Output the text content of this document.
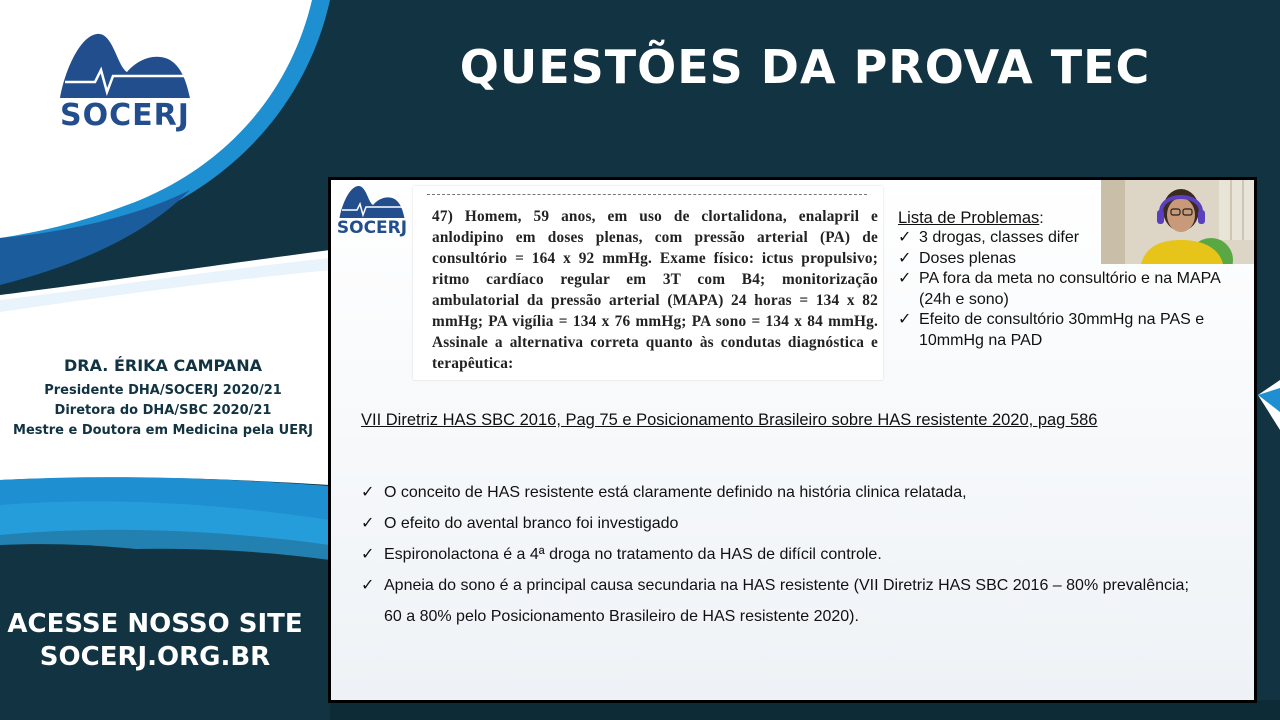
SOCERJ
QUESTÕES DA PROVA TEC
DRA. ÉRIKA CAMPANA
Presidente DHA/SOCERJ 2020/21
Diretora do DHA/SBC 2020/21
Mestre e Doutora em Medicina pela UERJ
ACESSE NOSSO SITE
SOCERJ.ORG.BR
SOCERJ
47) Homem, 59 anos, em uso de clortalidona, enalapril e anlodipino em doses plenas, com pressão arterial (PA) de consultório = 164 x 92 mmHg. Exame físico: ictus propulsivo; ritmo cardíaco regular em 3T com B4; monitorização ambulatorial da pressão arterial (MAPA) 24 horas = 134 x 82 mmHg; PA vigília = 134 x 76 mmHg; PA sono = 134 x 84 mmHg. Assinale a alternativa correta quanto às condutas diagnóstica e terapêutica:
Lista de Problemas:
✓ 3 drogas, classes difer
✓ Doses plenas
✓ PA fora da meta no consultório e na MAPA (24h e sono)
✓ Efeito de consultório 30mmHg na PAS e 10mmHg na PAD
VII Diretriz HAS SBC 2016, Pag 75 e Posicionamento Brasileiro sobre HAS resistente 2020, pag 586
✓ O conceito de HAS resistente está claramente definido na história clinica relatada,
✓ O efeito do avental branco foi investigado
✓ Espironolactona é a 4ª droga no tratamento da HAS de difícil controle.
✓ Apneia do sono é a principal causa secundaria na HAS resistente (VII Diretriz HAS SBC 2016 – 80% prevalência; 60 a 80% pelo Posicionamento Brasileiro de HAS resistente 2020).
